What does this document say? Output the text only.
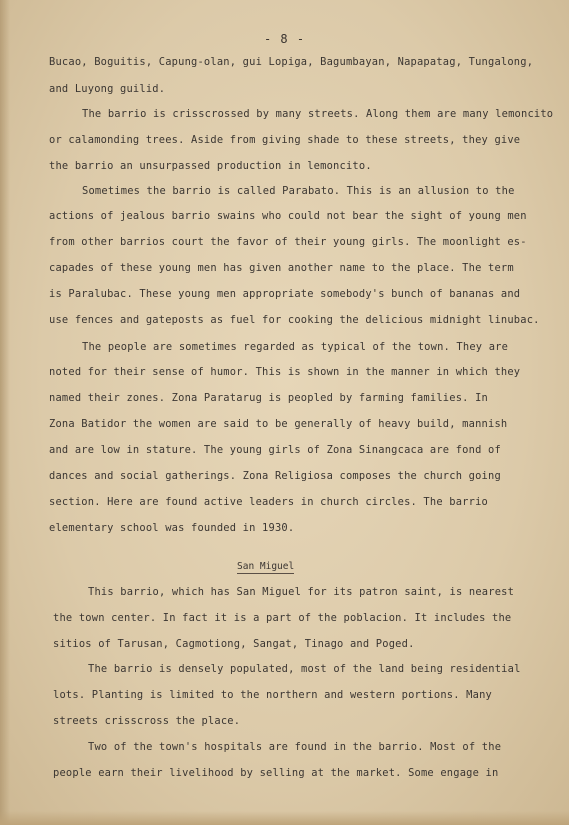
- 8 -
Bucao, Boguitis, Capung-olan, gui Lopiga, Bagumbayan, Napapatag, Tungalong,
and Luyong guilid.
The barrio is crisscrossed by many streets. Along them are many lemoncito
or calamonding trees. Aside from giving shade to these streets, they give
the barrio an unsurpassed production in lemoncito.
Sometimes the barrio is called Parabato. This is an allusion to the
actions of jealous barrio swains who could not bear the sight of young men
from other barrios court the favor of their young girls. The moonlight es-
capades of these young men has given another name to the place. The term
is Paralubac. These young men appropriate somebody's bunch of bananas and
use fences and gateposts as fuel for cooking the delicious midnight linubac.
The people are sometimes regarded as typical of the town. They are
noted for their sense of humor. This is shown in the manner in which they
named their zones. Zona Paratarug is peopled by farming families. In
Zona Batidor the women are said to be generally of heavy build, mannish
and are low in stature. The young girls of Zona Sinangcaca are fond of
dances and social gatherings. Zona Religiosa composes the church going
section. Here are found active leaders in church circles. The barrio
elementary school was founded in 1930.
San Miguel
This barrio, which has San Miguel for its patron saint, is nearest
the town center. In fact it is a part of the poblacion. It includes the
sitios of Tarusan, Cagmotiong, Sangat, Tinago and Poged.
The barrio is densely populated, most of the land being residential
lots. Planting is limited to the northern and western portions. Many
streets crisscross the place.
Two of the town's hospitals are found in the barrio. Most of the
people earn their livelihood by selling at the market. Some engage in
